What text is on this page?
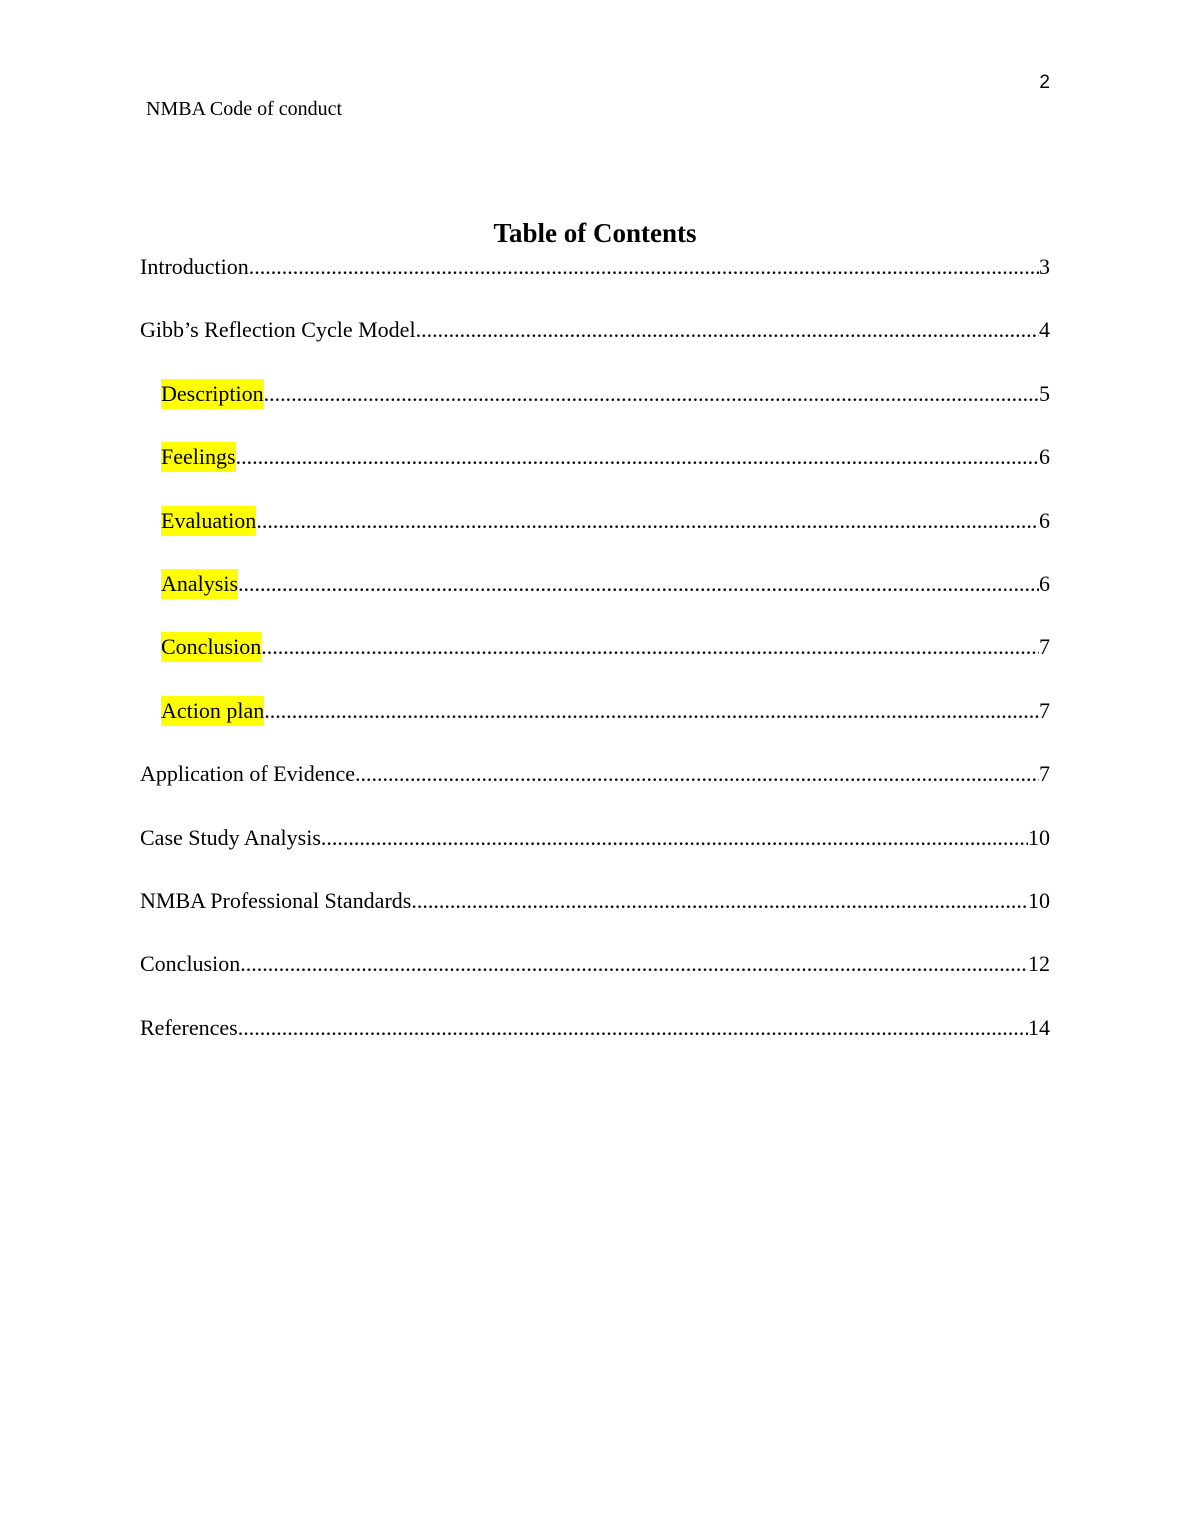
2
NMBA Code of conduct
Table of Contents
Introduction .....	3
Gibb’s Reflection Cycle Model .....	4
Description .....	5
Feelings .....	6
Evaluation .....	6
Analysis .....	6
Conclusion .....	7
Action plan .....	7
Application of Evidence .....	7
Case Study Analysis .....	10
NMBA Professional Standards .....	10
Conclusion .....	12
References .....	14
